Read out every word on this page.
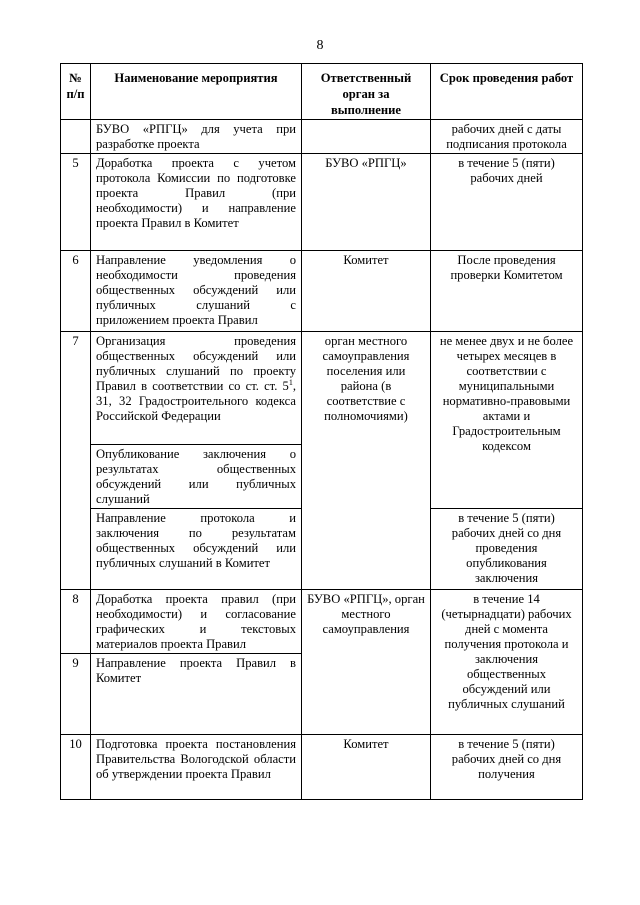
8
№ п/п	Наименование мероприятия	Ответственный орган за выполнение	Срок проведения работ
	БУВО «РПГЦ» для учета при разработке проекта		рабочих дней с даты подписания протокола
5	Доработка проекта с учетом протокола Комиссии по подготовке проекта Правил (при необходимости) и направление проекта Правил в Комитет	БУВО «РПГЦ»	в течение 5 (пяти) рабочих дней
6	Направление уведомления о необходимости проведения общественных обсуждений или публичных слушаний с приложением проекта Правил	Комитет	После проведения проверки Комитетом
7	Организация проведения общественных обсуждений или публичных слушаний по проекту Правил в соответствии со ст. ст. $5^1$, 31, 32 Градостроительного кодекса Российской Федерации	орган местного самоуправления поселения или района (в соответствие с полномочиями)	не менее двух и не более четырех месяцев в соответствии с муниципальными нормативно-правовыми актами и Градостроительным кодексом
	Опубликование заключения о результатах общественных обсуждений или публичных слушаний		
	Направление протокола и заключения по результатам общественных обсуждений или публичных слушаний в Комитет		в течение 5 (пяти) рабочих дней со дня проведения опубликования заключения
8	Доработка проекта правил (при необходимости) и согласование графических и текстовых материалов проекта Правил	БУВО «РПГЦ», орган местного самоуправления	в течение 14 (четырнадцати) рабочих дней с момента получения протокола и заключения общественных обсуждений или публичных слушаний
9	Направление проекта Правил в Комитет		
10	Подготовка проекта постановления Правительства Вологодской области об утверждении проекта Правил	Комитет	в течение 5 (пяти) рабочих дней со дня получения
